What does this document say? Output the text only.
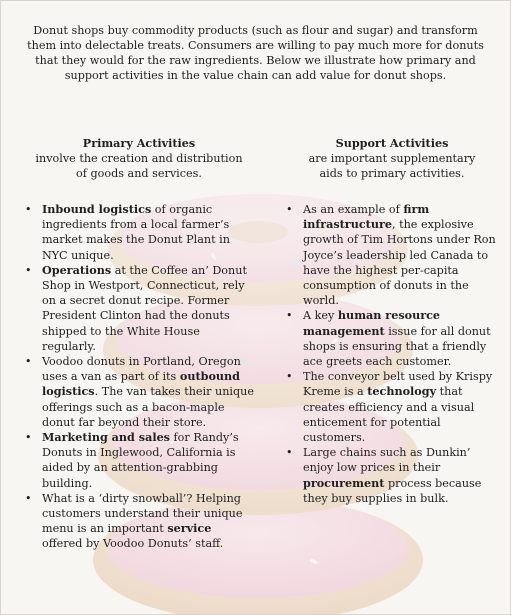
Donut shops buy commodity products (such as flour and sugar) and transform them into delectable treats. Consumers are willing to pay much more for donuts that they would for the raw ingredients. Below we illustrate how primary and support activities in the value chain can add value for donut shops.

Primary Activities
involve the creation and distribution
of goods and services.

• Inbound logistics of organic ingredients from a local farmer’s market makes the Donut Plant in NYC unique.
• Operations at the Coffee an’ Donut Shop in Westport, Connecticut, rely on a secret donut recipe. Former President Clinton had the donuts shipped to the White House regularly.
• Voodoo donuts in Portland, Oregon uses a van as part of its outbound logistics. The van takes their unique offerings such as a bacon-maple donut far beyond their store.
• Marketing and sales for Randy’s Donuts in Inglewood, California is aided by an attention-grabbing building.
• What is a ‘dirty snowball’? Helping customers understand their unique menu is an important service offered by Voodoo Donuts’ staff.

Support Activities
are important supplementary
aids to primary activities.

• As an example of firm infrastructure, the explosive growth of Tim Hortons under Ron Joyce’s leadership led Canada to have the highest per-capita consumption of donuts in the world.
• A key human resource management issue for all donut shops is ensuring that a friendly ace greets each customer.
• The conveyor belt used by Krispy Kreme is a technology that creates efficiency and a visual enticement for potential customers.
• Large chains such as Dunkin’ enjoy low prices in their procurement process because they buy supplies in bulk.
